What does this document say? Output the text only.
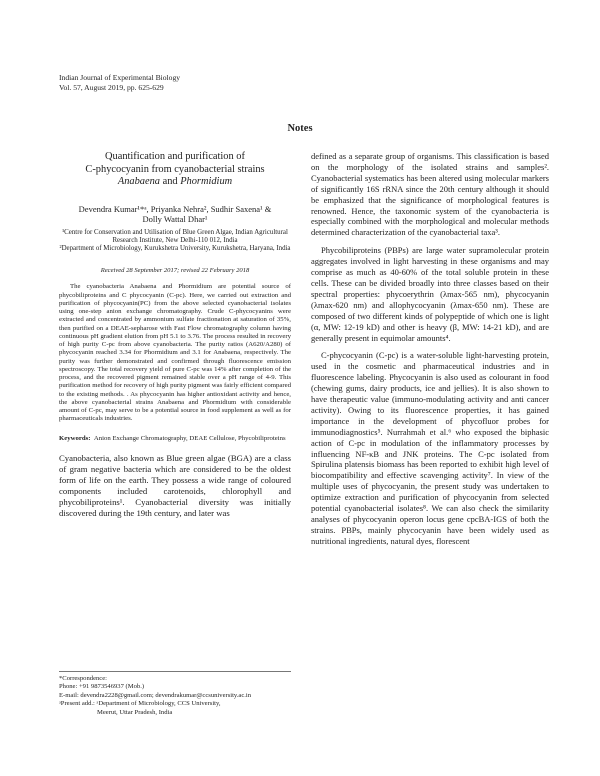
Indian Journal of Experimental Biology
Vol. 57, August 2019, pp. 625-629
Notes
Quantification and purification of
C-phycocyanin from cyanobacterial strains
Anabaena and Phormidium
Devendra Kumar¹*ᵃ, Priyanka Nehra², Sudhir Saxena¹ &
Dolly Wattal Dhar¹
¹Centre for Conservation and Utilisation of Blue Green Algae, Indian Agricultural Research Institute, New Delhi-110 012, India
²Department of Microbiology, Kurukshetra University, Kurukshetra, Haryana, India
Received 28 September 2017; revised 22 February 2018
The cyanobacteria Anabaena and Phormidium are potential source of phycobiliproteins and C phycocyanin (C-pc). Here, we carried out extraction and purification of phycocyanin(PC) from the above selected cyanobacterial isolates using one-step anion exchange chromatography. Crude C-phycocyanins were extracted and concentrated by ammonium sulfate fractionation at saturation of 35%, then purified on a DEAE-sepharose with Fast Flow chromatography column having continuous pH gradient elution from pH 5.1 to 3.76. The process resulted in recovery of high purity C-pc from above cyanobacteria. The purity ratios (A620/A280) of phycocyanin reached 3.34 for Phormidium and 3.1 for Anabaena, respectively. The purity was further demonstrated and confirmed through fluorescence emission spectroscopy. The total recovery yield of pure C-pc was 14% after completion of the process, and the recovered pigment remained stable over a pH range of 4-9. This purification method for recovery of high purity pigment was fairly efficient compared to the existing methods. . As phycocyanin has higher antioxidant activity and hence, the above cyanobacterial strains Anabaena and Phormidium with considerable amount of C-pc, may serve to be a potential source in food supplement as well as for pharmaceuticals industries.
Keywords: Anion Exchange Chromatography, DEAE Cellulose, Phycobiliproteins
Cyanobacteria, also known as Blue green algae (BGA) are a class of gram negative bacteria which are considered to be the oldest form of life on the earth. They possess a wide range of coloured components included carotenoids, chlorophyll and phycobiliproteins¹. Cyanobacterial diversity was initially discovered during the 19th century, and later was
*Correspondence:
Phone: +91 9873546937 (Mob.)
E-mail: devendra2228@gmail.com; devendrakumar@ccsuniversity.ac.in
ᵃPresent add.: ᵃDepartment of Microbiology, CCS University,
Meerut, Uttar Pradesh, India

defined as a separate group of organisms. This classification is based on the morphology of the isolated strains and samples². Cyanobacterial systematics has been altered using molecular markers of significantly 16S rRNA since the 20th century although it should be emphasized that the significance of morphological features is renowned. Hence, the taxonomic system of the cyanobacteria is especially combined with the morphological and molecular methods determined characterization of the cyanobacterial taxa³.

Phycobiliproteins (PBPs) are large water supramolecular protein aggregates involved in light harvesting in these organisms and may comprise as much as 40-60% of the total soluble protein in these cells. These can be divided broadly into three classes based on their spectral properties: phycoerythrin (λmax-565 nm), phycocyanin (λmax-620 nm) and allophycocyanin (λmax-650 nm). These are composed of two different kinds of polypeptide of which one is light (α, MW: 12-19 kD) and other is heavy (β, MW: 14-21 kD), and are generally present in equimolar amounts⁴.

C-phycocyanin (C-pc) is a water-soluble light-harvesting protein, used in the cosmetic and pharmaceutical industries and in fluorescence labeling. Phycocyanin is also used as colourant in food (chewing gums, dairy products, ice and jellies). It is also shown to have therapeutic value (immuno-modulating activity and anti cancer activity). Owing to its fluorescence properties, it has gained importance in the development of phycofluor probes for immunodiagnostics⁵. Nurrahmah et al.⁶ who exposed the biphasic action of C-pc in modulation of the inflammatory processes by influencing NF-κB and JNK proteins. The C-pc isolated from Spirulina platensis biomass has been reported to exhibit high level of biocompatibility and effective scavenging activity⁷. In view of the multiple uses of phycocyanin, the present study was undertaken to optimize extraction and purification of phycocyanin from selected potential cyanobacterial isolates⁸. We can also check the similarity analyses of phycocyanin operon locus gene cpcBA-IGS of both the strains. PBPs, mainly phycocyanin have been widely used as nutritional ingredients, natural dyes, florescent
